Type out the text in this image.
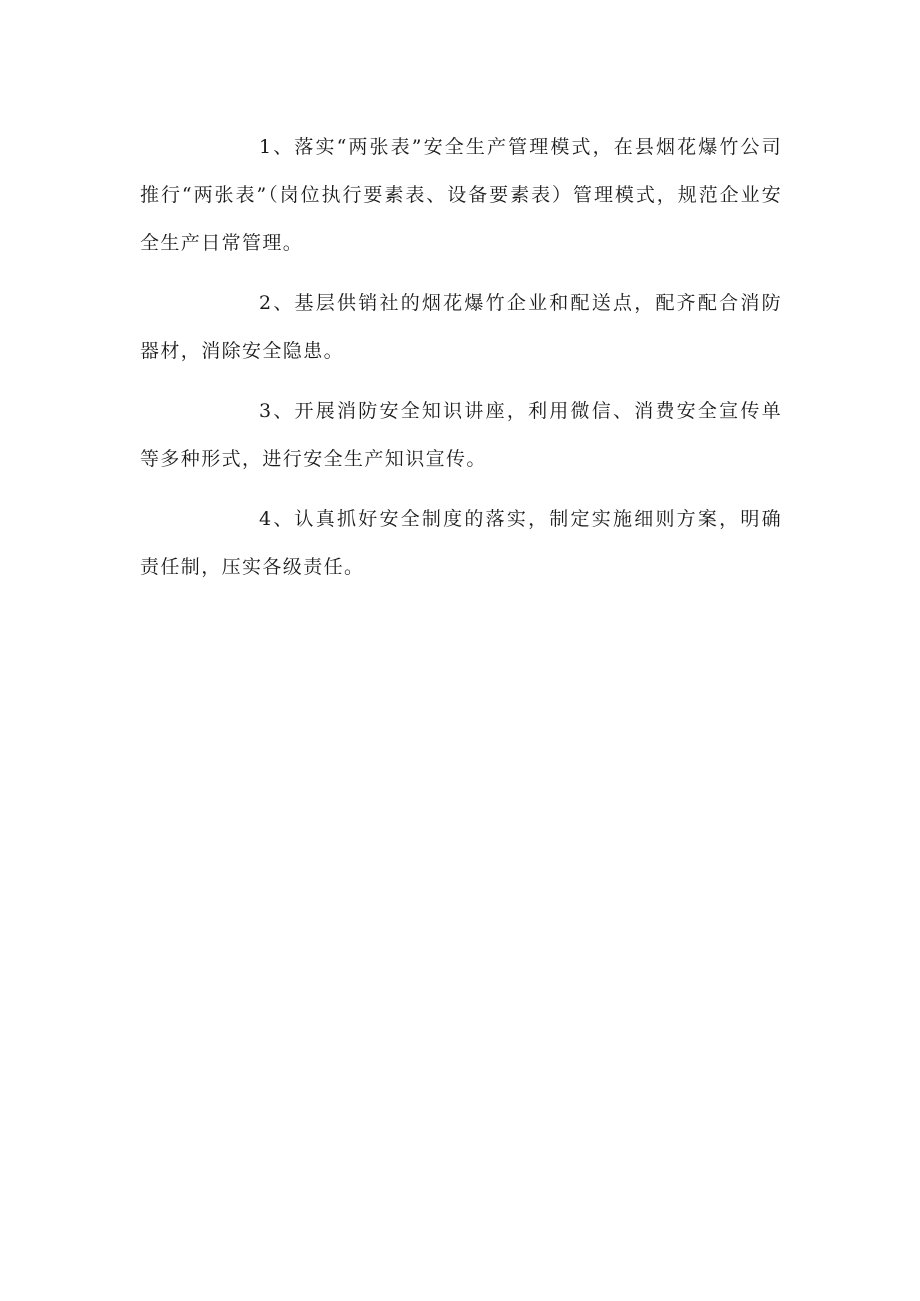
1、落实“两张表”安全生产管理模式，在县烟花爆竹公司推行“两张表”（岗位执行要素表、设备要素表）管理模式，规范企业安全生产日常管理。

2、基层供销社的烟花爆竹企业和配送点，配齐配合消防器材，消除安全隐患。

3、开展消防安全知识讲座，利用微信、消费安全宣传单等多种形式，进行安全生产知识宣传。

4、认真抓好安全制度的落实，制定实施细则方案，明确责任制，压实各级责任。
